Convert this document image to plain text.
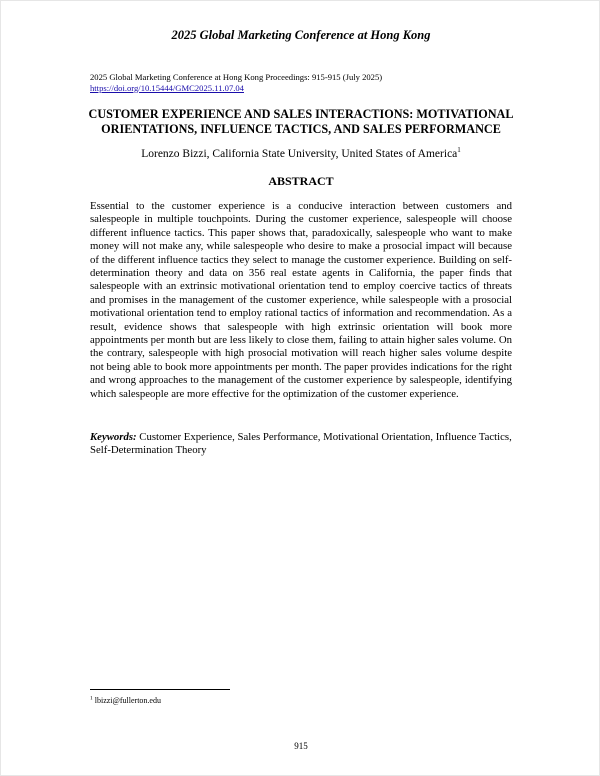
2025 Global Marketing Conference at Hong Kong
2025 Global Marketing Conference at Hong Kong Proceedings: 915-915 (July 2025)
https://doi.org/10.15444/GMC2025.11.07.04
CUSTOMER EXPERIENCE AND SALES INTERACTIONS: MOTIVATIONAL
ORIENTATIONS, INFLUENCE TACTICS, AND SALES PERFORMANCE
Lorenzo Bizzi, California State University, United States of America$^1$
ABSTRACT

Essential to the customer experience is a conducive interaction between customers and salespeople in multiple touchpoints. During the customer experience, salespeople will choose different influence tactics. This paper shows that, paradoxically, salespeople who want to make money will not make any, while salespeople who desire to make a prosocial impact will because of the different influence tactics they select to manage the customer experience. Building on self-determination theory and data on 356 real estate agents in California, the paper finds that salespeople with an extrinsic motivational orientation tend to employ coercive tactics of threats and promises in the management of the customer experience, while salespeople with a prosocial motivational orientation tend to employ rational tactics of information and recommendation. As a result, evidence shows that salespeople with high extrinsic orientation will book more appointments per month but are less likely to close them, failing to attain higher sales volume. On the contrary, salespeople with high prosocial motivation will reach higher sales volume despite not being able to book more appointments per month. The paper provides indications for the right and wrong approaches to the management of the customer experience by salespeople, identifying which salespeople are more effective for the optimization of the customer experience.

Keywords: Customer Experience, Sales Performance, Motivational Orientation, Influence Tactics, Self-Determination Theory

$^1$ lbizzi@fullerton.edu
915
